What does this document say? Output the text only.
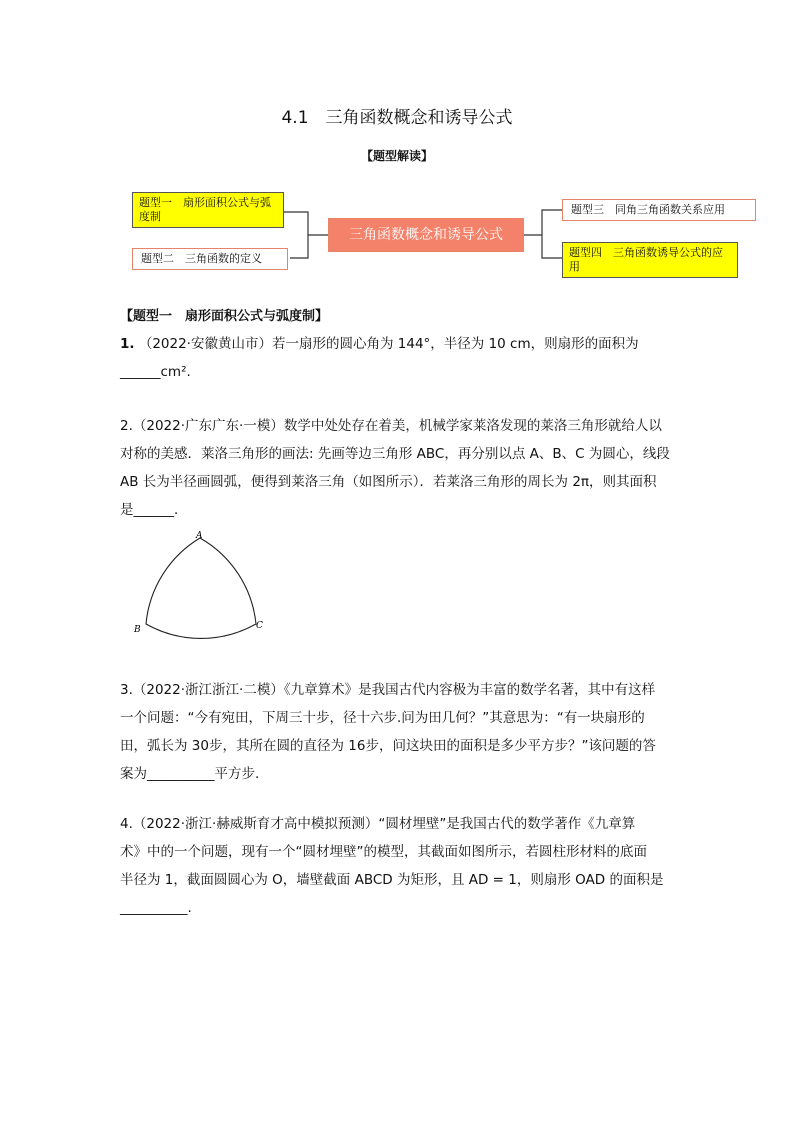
4.1　三角函数概念和诱导公式
【题型解读】
题型一　扇形面积公式与弧度制
题型二　三角函数的定义
三角函数概念和诱导公式
题型三　同角三角函数关系应用
题型四　三角函数诱导公式的应用
【题型一　扇形面积公式与弧度制】
1. （2022·安徽黄山市）若一扇形的圆心角为 144°，半径为 10 cm，则扇形的面积为
______cm².
2.（2022·广东广东·一模）数学中处处存在着美，机械学家莱洛发现的莱洛三角形就给人以
对称的美感．莱洛三角形的画法: 先画等边三角形 ABC，再分别以点 A、B、C 为圆心，线段
AB 长为半径画圆弧，便得到莱洛三角（如图所示）．若莱洛三角形的周长为 2π，则其面积
是______．
A
B	C
3.（2022·浙江浙江·二模）《九章算术》是我国古代内容极为丰富的数学名著，其中有这样
一个问题：“今有宛田，下周三十步，径十六步.问为田几何？”其意思为：“有一块扇形的
田，弧长为 30步，其所在圆的直径为 16步，问这块田的面积是多少平方步？”该问题的答
案为__________平方步.
4.（2022·浙江·赫威斯育才高中模拟预测）“圆材埋壁”是我国古代的数学著作《九章算
术》中的一个问题，现有一个“圆材埋壁”的模型，其截面如图所示，若圆柱形材料的底面
半径为 1，截面圆圆心为 O，墙壁截面 ABCD 为矩形，且 AD = 1，则扇形 OAD 的面积是
__________.
